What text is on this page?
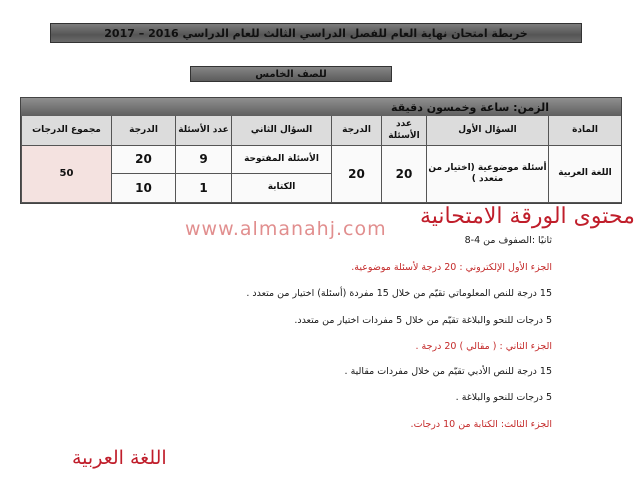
خريطة امتحان نهاية العام للفصل الدراسي الثالث للعام الدراسي 2016 – 2017
للصف الخامس
الزمن: ساعة وخمسون دقيقة
المادة
السؤال الأول
عدد الأسئلة
الدرجة
السؤال الثاني
عدد الأسئلة
الدرجة
مجموع الدرجات
اللغة العربية
أسئلة موضوعية (اختيار من متعدد )
20
20
الأسئلة المفتوحة
9
20
الكتابة
1
10
50
www.almanahj.com محتوى الورقة الامتحانية
ثانيًا :الصفوف من 4-8
الجزء الأول الإلكتروني : 20 درجة لأسئلة موضوعية.
15 درجة للنص المعلوماتي تقيّم من خلال 15 مفردة (أسئلة) اختيار من متعدد .
5 درجات للنحو والبلاغة تقيّم من خلال 5 مفردات اختيار من متعدد.
الجزء الثاني : ( مقالي ) 20 درجة .
15 درجة للنص الأدبي تقيّم من خلال مفردات مقالية .
5 درجات للنحو والبلاغة .
الجزء الثالث: الكتابة من 10 درجات.
اللغة العربية
